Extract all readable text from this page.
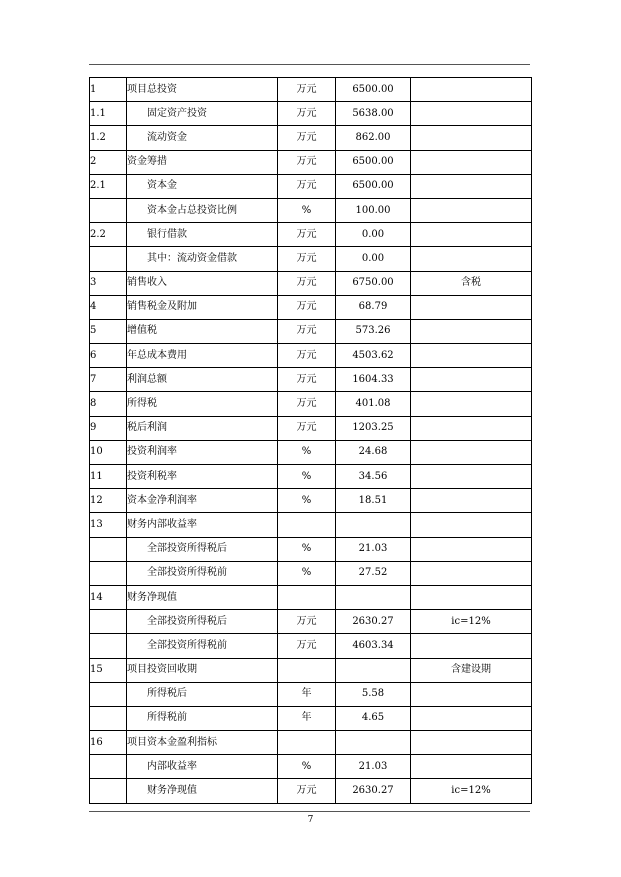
1	项目总投资	万元	6500.00	
1.1	固定资产投资	万元	5638.00	
1.2	流动资金	万元	862.00	
2	资金筹措	万元	6500.00	
2.1	资本金	万元	6500.00	
	资本金占总投资比例	%	100.00	
2.2	银行借款	万元	0.00	
	其中：流动资金借款	万元	0.00	
3	销售收入	万元	6750.00	含税
4	销售税金及附加	万元	68.79	
5	增值税	万元	573.26	
6	年总成本费用	万元	4503.62	
7	利润总额	万元	1604.33	
8	所得税	万元	401.08	
9	税后利润	万元	1203.25	
10	投资利润率	%	24.68	
11	投资利税率	%	34.56	
12	资本金净利润率	%	18.51	
13	财务内部收益率			
	全部投资所得税后	%	21.03	
	全部投资所得税前	%	27.52	
14	财务净现值			
	全部投资所得税后	万元	2630.27	ic=12%
	全部投资所得税前	万元	4603.34	
15	项目投资回收期			含建设期
	所得税后	年	5.58	
	所得税前	年	4.65	
16	项目资本金盈利指标			
	内部收益率	%	21.03	
	财务净现值	万元	2630.27	ic=12%
7
